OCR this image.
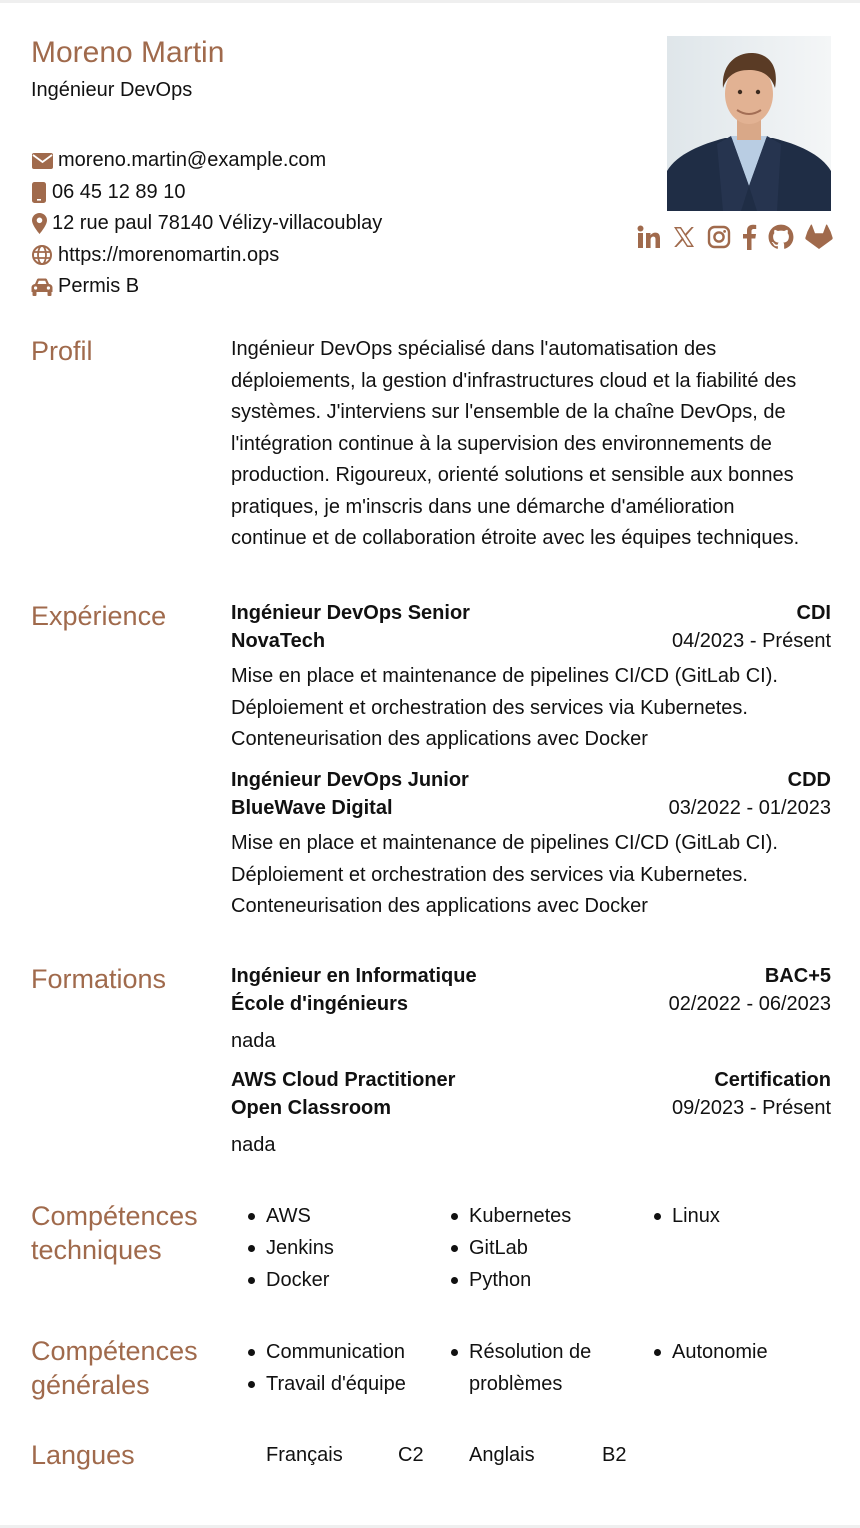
Moreno Martin
Ingénieur DevOps
moreno.martin@example.com
06 45 12 89 10
12 rue paul 78140 Vélizy-villacoublay
https://morenomartin.ops
Permis B
Profil	Ingénieur DevOps spécialisé dans l'automatisation des
déploiements, la gestion d'infrastructures cloud et la fiabilité des
systèmes. J'interviens sur l'ensemble de la chaîne DevOps, de
l'intégration continue à la supervision des environnements de
production. Rigoureux, orienté solutions et sensible aux bonnes
pratiques, je m'inscris dans une démarche d'amélioration
continue et de collaboration étroite avec les équipes techniques.
Expérience	Ingénieur DevOps Senior	CDI
NovaTech	04/2023 - Présent
Mise en place et maintenance de pipelines CI/CD (GitLab CI).
Déploiement et orchestration des services via Kubernetes.
Conteneurisation des applications avec Docker
Ingénieur DevOps Junior	CDD
BlueWave Digital	03/2022 - 01/2023
Mise en place et maintenance de pipelines CI/CD (GitLab CI).
Déploiement et orchestration des services via Kubernetes.
Conteneurisation des applications avec Docker
Formations	Ingénieur en Informatique	BAC+5
École d'ingénieurs	02/2022 - 06/2023
nada
AWS Cloud Practitioner	Certification
Open Classroom	09/2023 - Présent
nada
Compétences
techniques
AWS
Jenkins
Docker
Kubernetes
GitLab
Python
Linux
Compétences
générales
Communication
Travail d'équipe
Résolution de
problèmes
Autonomie
Langues	Français	C2 Anglais	B2
